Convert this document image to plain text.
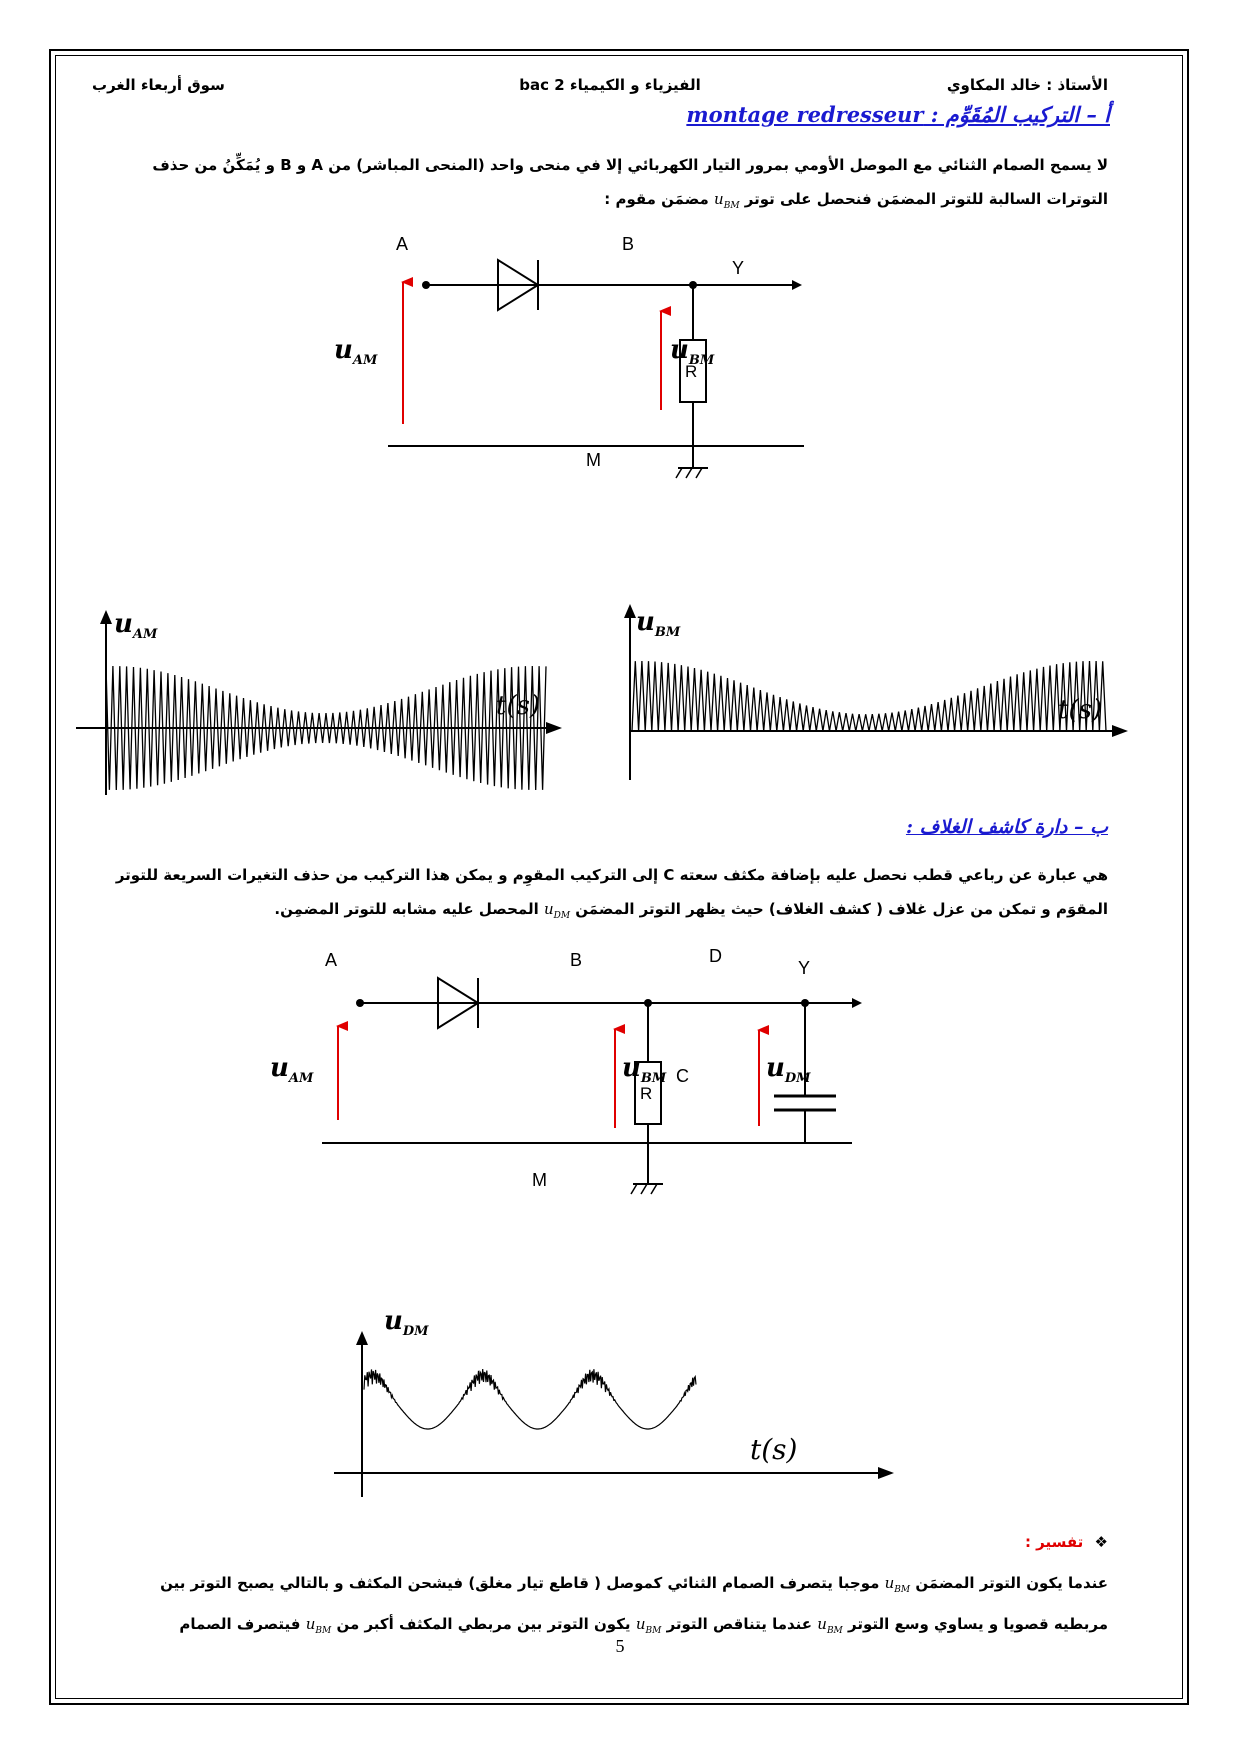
الأستاذ : خالد المكاوي
الفيزياء و الكيمياء 2 bac
سوق أربعاء الغرب
أ – التركيب المُقَوِّم : montage redresseur
لا يسمح الصمام الثنائي مع الموصل الأومي بمرور التيار الكهربائي إلا في منحى واحد (المنحى المباشر) من A و B و يُمَكِّنُ من حذف
التوترات السالبة للتوتر المضمَن فنحصل على توتر $u_{BM}$ مضمَن مقوم :
A	B
Y
R
M
$u_{AM}$	$u_{BM}$
$u_{AM}$
t(s)
$u_{BM}$
t(s)
ب – دارة كاشف الغلاف :
هي عبارة عن رباعي قطب نحصل عليه بإضافة مكثف سعته C إلى التركيب المقوِم و يمكن هذا التركيب من حذف التغيرات السريعة للتوتر
المقوَم و تمكن من عزل غلاف ( كشف الغلاف) حيث يظهر التوتر المضمَن $u_{DM}$ المحصل عليه مشابه للتوتر المضمِن.
A	B	D
Y
R
C
M
$u_{AM}$	$u_{BM}$	$u_{DM}$
$u_{DM}$
t(s)
❖ تفسير :
عندما يكون التوتر المضمَن $u_{BM}$ موجبا يتصرف الصمام الثنائي كموصل ( قاطع تيار مغلق) فيشحن المكثف و بالتالي يصبح التوتر بين
مربطيه قصويا و يساوي وسع التوتر $u_{BM}$ عندما يتناقص التوتر $u_{BM}$ يكون التوتر بين مربطي المكثف أكبر من $u_{BM}$ فيتصرف الصمام
5
